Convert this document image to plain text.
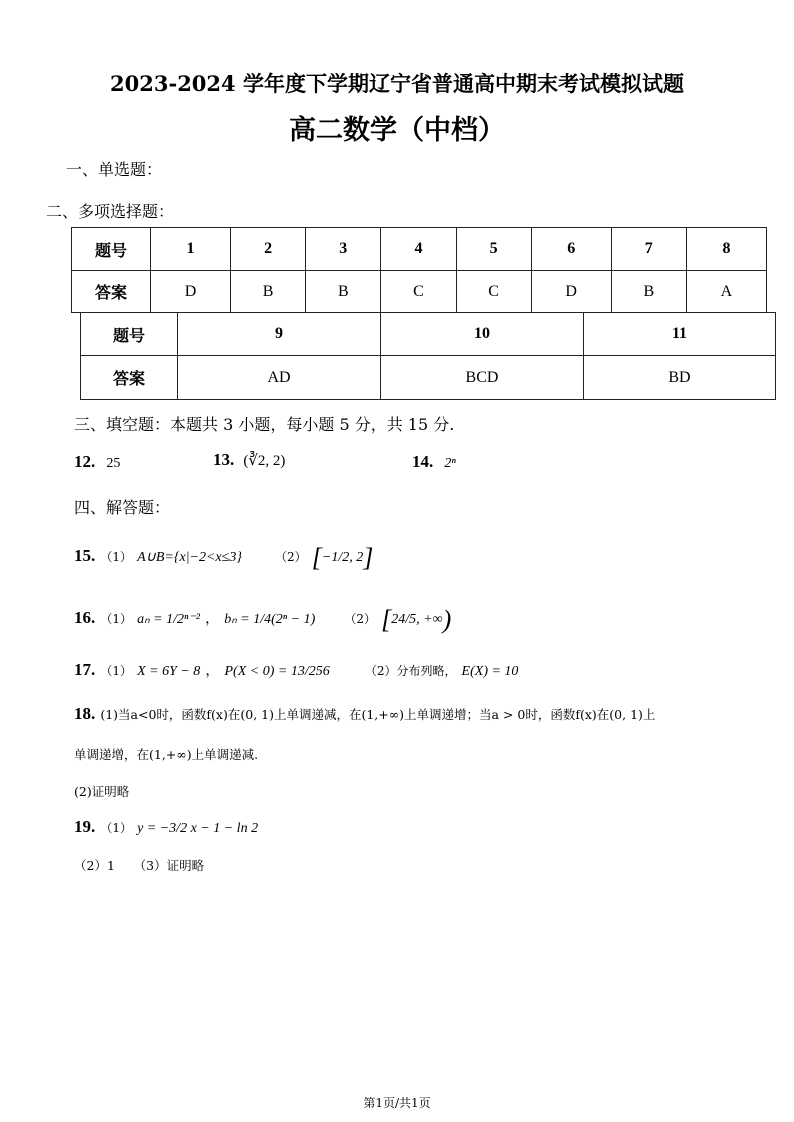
2023-2024 学年度下学期辽宁省普通高中期末考试模拟试题
高二数学（中档）
一、单选题：
二、多项选择题：
题号	1	2	3	4	5	6	7	8
答案	D	B	B	C	C	D	B	A
题号	9	10	11
答案	AD	BCD	BD
三、填空题：本题共 3 小题，每小题 5 分，共 15 分.
12. 25	13. (∛2, 2)	14. 2ⁿ
四、解答题：
15. （1） A∪B={x|−2<x≤3}	（2） [−1/2, 2]
16. （1） aₙ = 1/2ⁿ⁻² ， bₙ = 1/4(2ⁿ − 1) （2） [24/5, +∞)
17. （1） X = 6Y − 8 ， P(X < 0) = 13/256	（2）分布列略， E(X) = 10
18. (1)当a<0时，函数f(x)在(0, 1)上单调递减，在(1,+∞)上单调递增；当a > 0时，函数f(x)在(0, 1)上
单调递增，在(1,+∞)上单调递减.
(2)证明略
19. （1） y = −3/2 x − 1 − ln 2
（2）1　　（3）证明略
第1页/共1页
